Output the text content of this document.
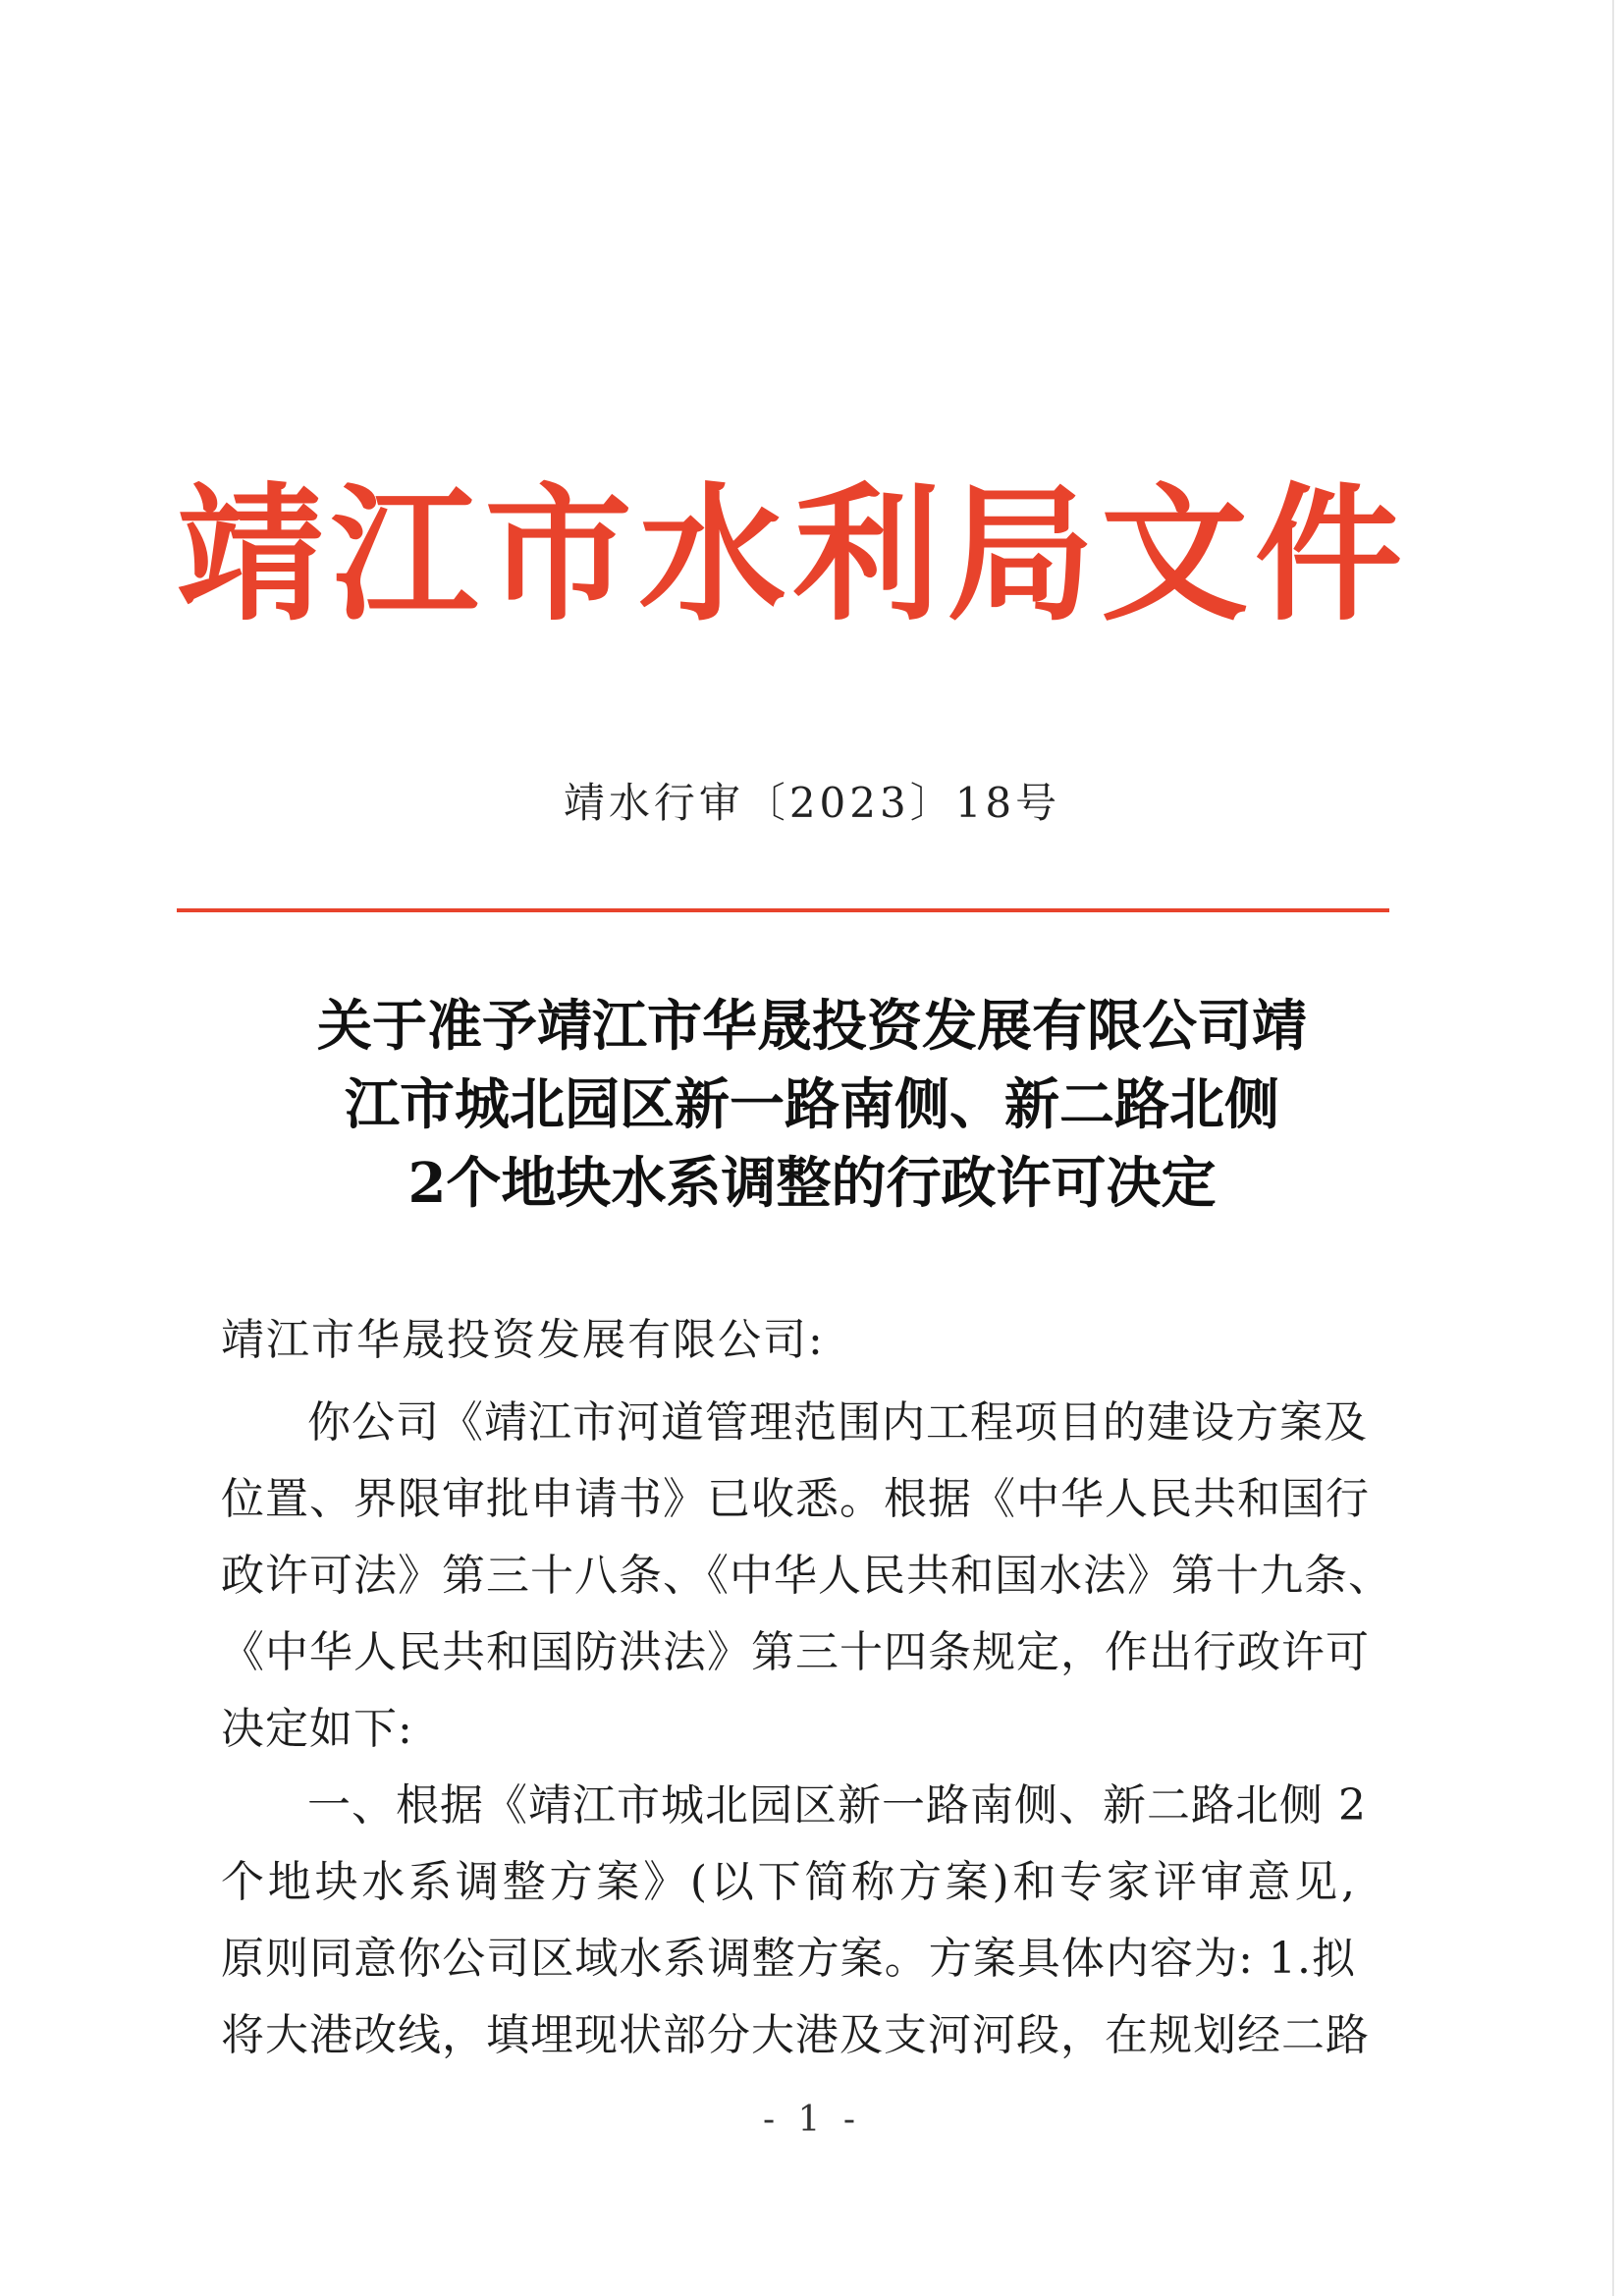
靖江市水利局文件
靖水行审〔2023〕18号
关于准予靖江市华晟投资发展有限公司靖
江市城北园区新一路南侧、新二路北侧
2个地块水系调整的行政许可决定
靖江市华晟投资发展有限公司:
你公司《靖江市河道管理范围内工程项目的建设方案及
位置、界限审批申请书》已收悉。根据《中华人民共和国行
政许可法》第三十八条、《中华人民共和国水法》第十九条、
《中华人民共和国防洪法》第三十四条规定，作出行政许可
决定如下:
一、根据《靖江市城北园区新一路南侧、新二路北侧 2
个地块水系调整方案》(以下简称方案)和专家评审意见,
原则同意你公司区域水系调整方案。方案具体内容为: 1.拟
将大港改线，填埋现状部分大港及支河河段，在规划经二路
- 1 -
